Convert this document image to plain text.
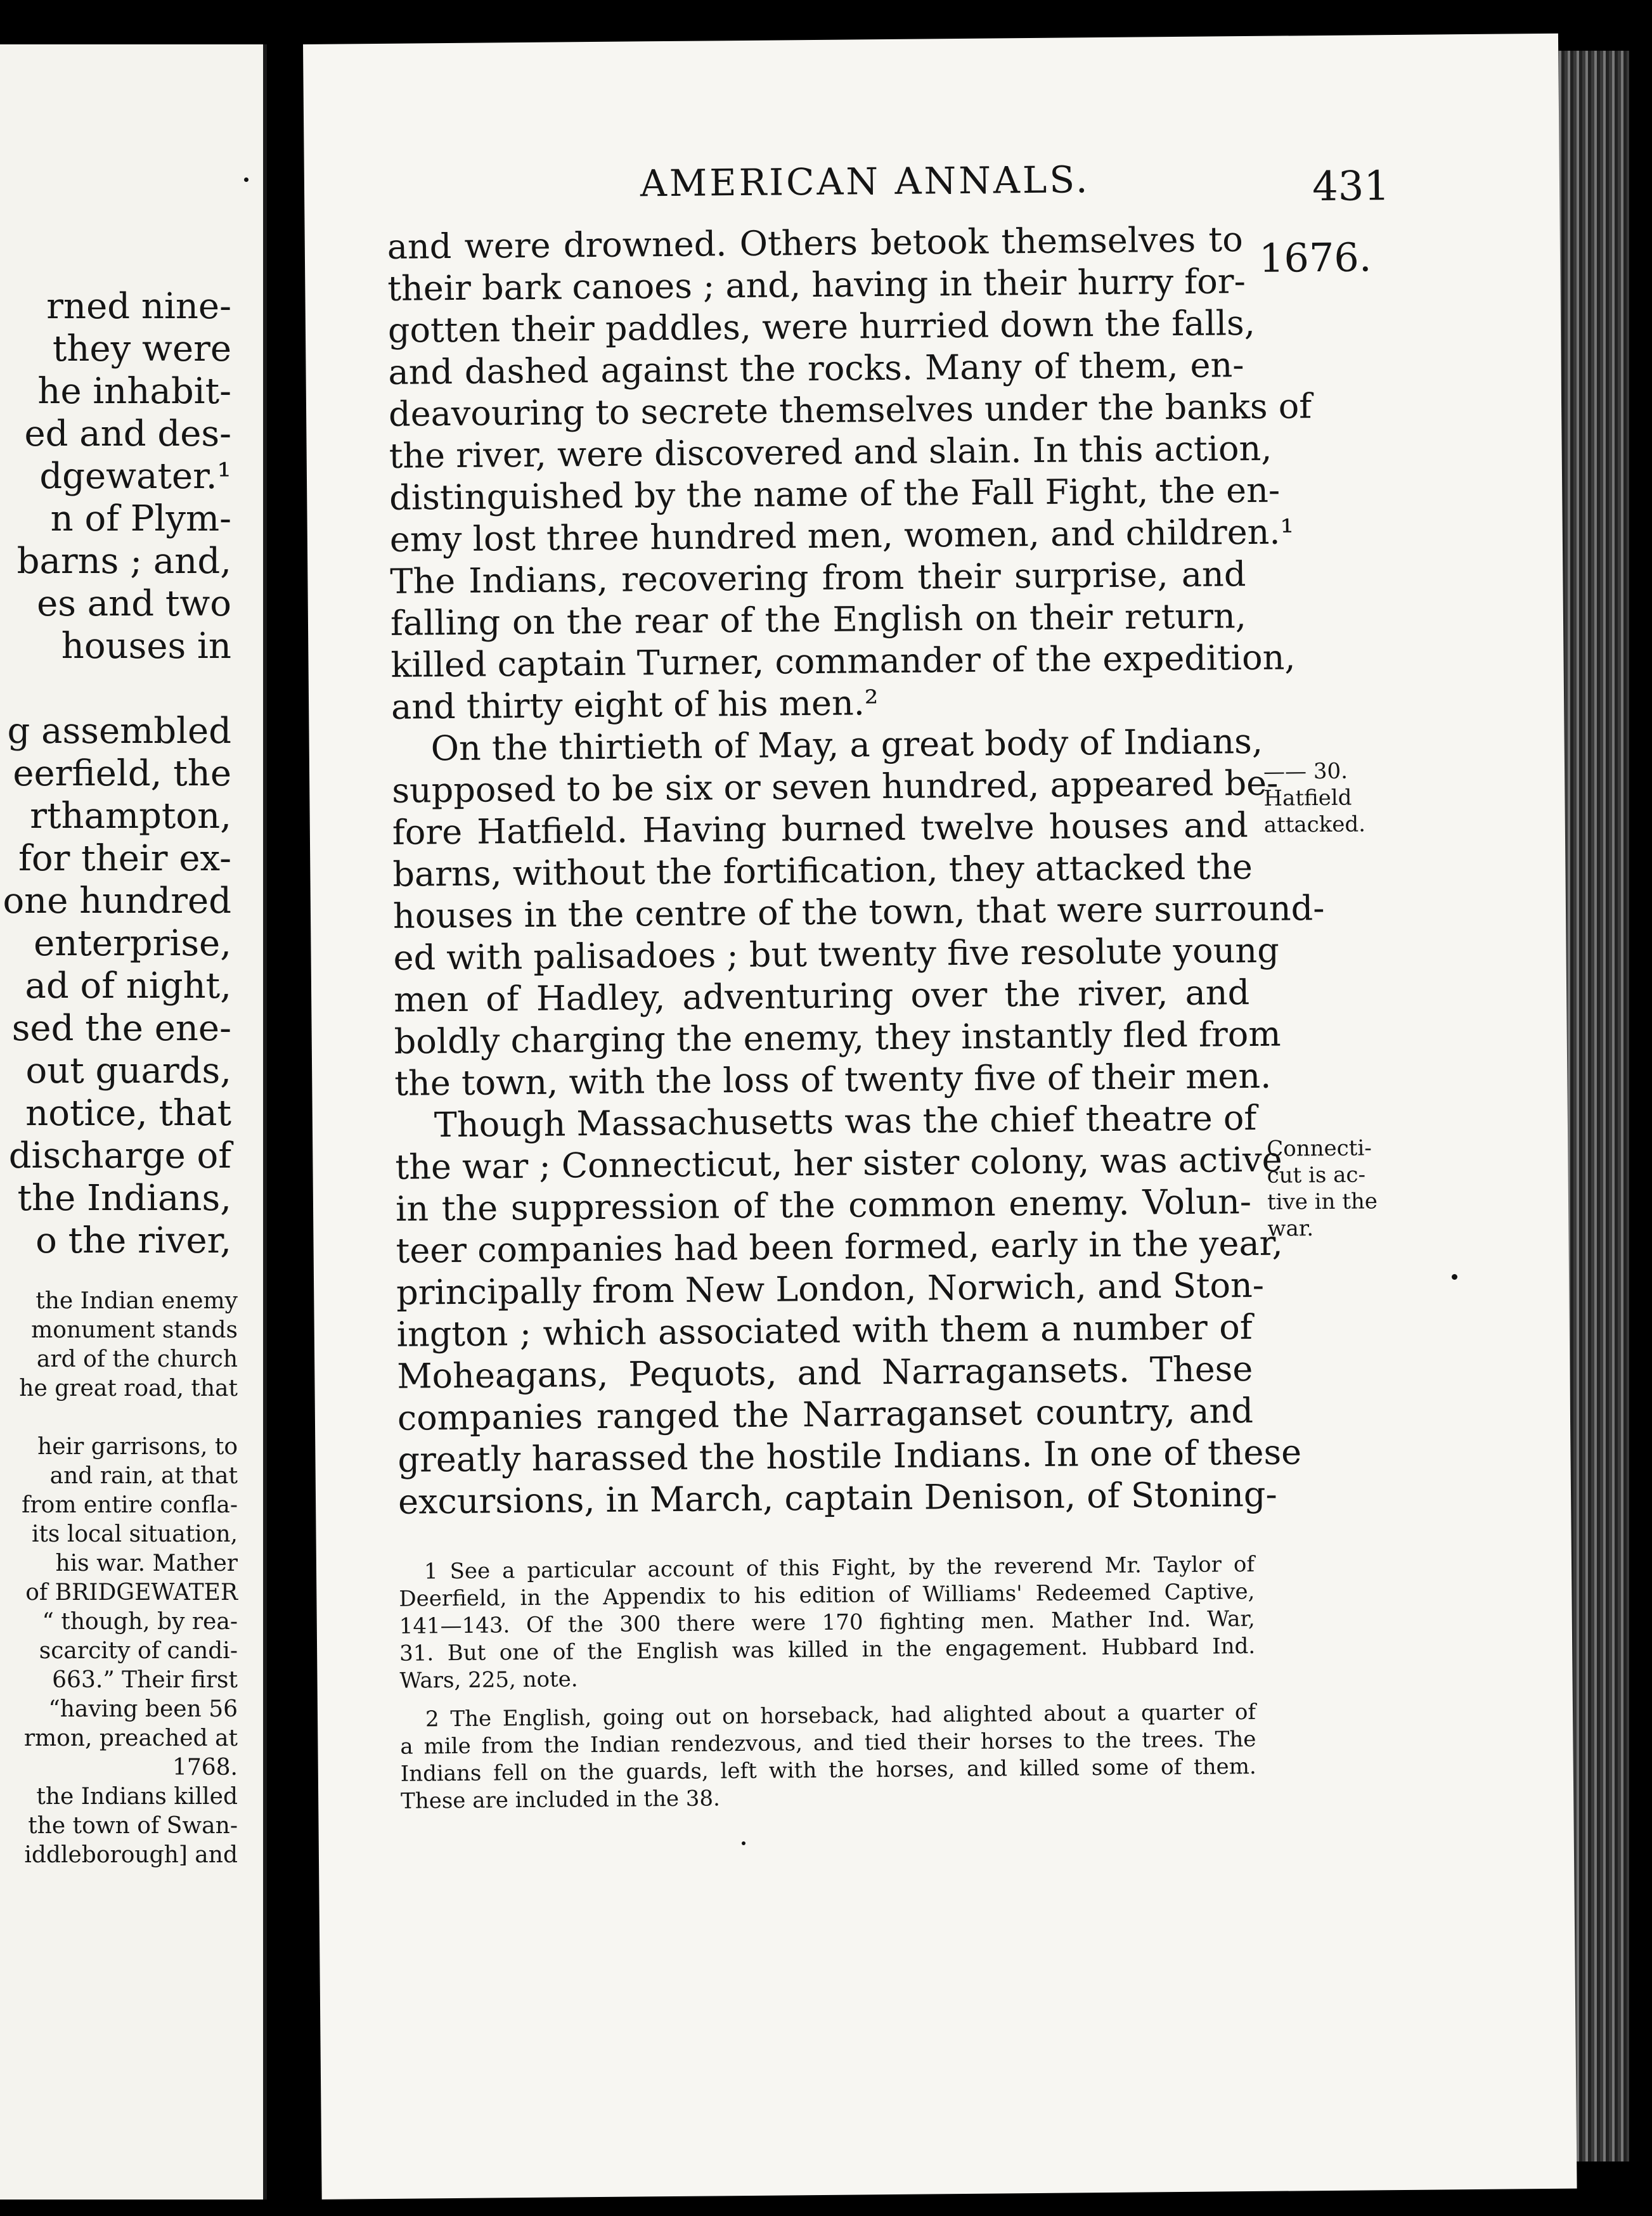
rned nine-
they were
he inhabit-
ed and des-
dgewater.¹
n of Plym-
barns ; and,
es and two
houses in

g assembled
eerfield, the
rthampton,
for their ex-
one hundred
enterprise,
ad of night,
sed the ene-
out guards,
notice, that
discharge of
the Indians,
o the river,
the Indian enemy
monument stands
ard of the church
he great road, that

heir garrisons, to
and rain, at that
from entire confla-
its local situation,
his war. Mather
of BRIDGEWATER
“ though, by rea-
scarcity of candi-
663.” Their first
“having been 56
rmon, preached at
1768.
the Indians killed
the town of Swan-
iddleborough] and
AMERICAN ANNALS.	431
1676.
—— 30.
Hatfield
attacked.
Connecti-
cut is ac-
tive in the
war.
and were drowned. Others betook themselves to
their bark canoes ; and, having in their hurry for-
gotten their paddles, were hurried down the falls,
and dashed against the rocks. Many of them, en-
deavouring to secrete themselves under the banks of
the river, were discovered and slain. In this action,
distinguished by the name of the Fall Fight, the en-
emy lost three hundred men, women, and children.¹
The Indians, recovering from their surprise, and
falling on the rear of the English on their return,
killed captain Turner, commander of the expedition,
and thirty eight of his men.²
On the thirtieth of May, a great body of Indians,
supposed to be six or seven hundred, appeared be-
fore Hatfield. Having burned twelve houses and
barns, without the fortification, they attacked the
houses in the centre of the town, that were surround-
ed with palisadoes ; but twenty five resolute young
men of Hadley, adventuring over the river, and
boldly charging the enemy, they instantly fled from
the town, with the loss of twenty five of their men.
Though Massachusetts was the chief theatre of
the war ; Connecticut, her sister colony, was active
in the suppression of the common enemy. Volun-
teer companies had been formed, early in the year,
principally from New London, Norwich, and Ston-
ington ; which associated with them a number of
Moheagans, Pequots, and Narragansets. These
companies ranged the Narraganset country, and
greatly harassed the hostile Indians. In one of these
excursions, in March, captain Denison, of Stoning-
1 See a particular account of this Fight, by the reverend Mr. Taylor of
Deerfield, in the Appendix to his edition of Williams' Redeemed Captive,
141—143. Of the 300 there were 170 fighting men. Mather Ind. War,
31. But one of the English was killed in the engagement. Hubbard Ind.
Wars, 225, note.
2 The English, going out on horseback, had alighted about a quarter of
a mile from the Indian rendezvous, and tied their horses to the trees. The
Indians fell on the guards, left with the horses, and killed some of them.
These are included in the 38.
